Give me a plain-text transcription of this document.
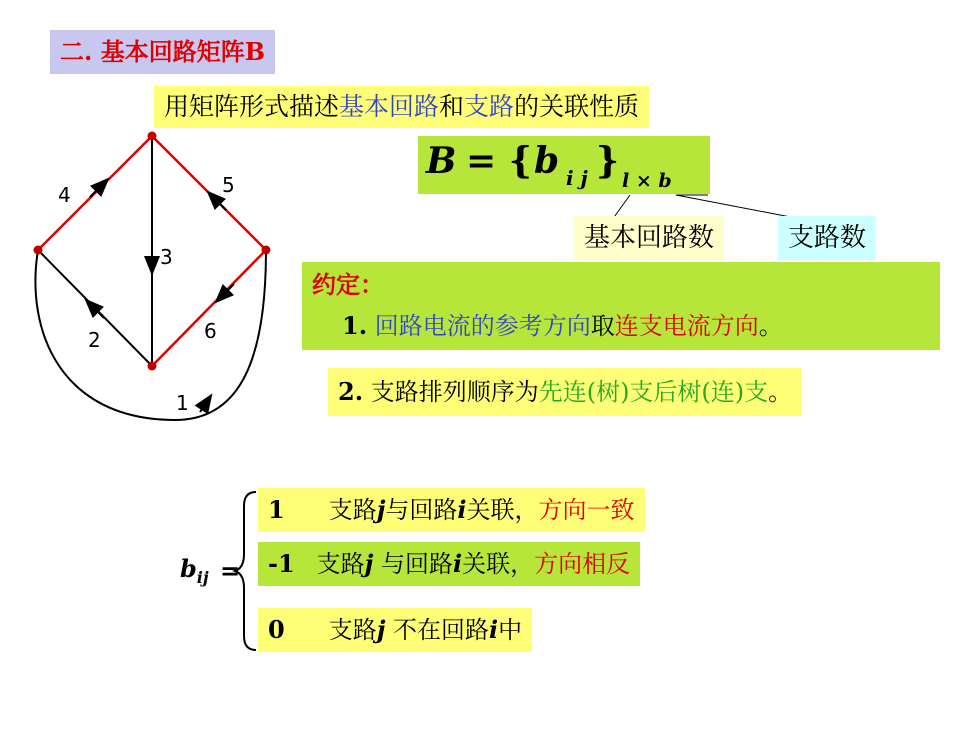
二. 基本回路矩阵B
用矩阵形式描述基本回路和支路的关联性质
B = { b i j } l × b
基本回路数	支路数
约定：
1. 回路电流的参考方向取连支电流方向。
2. 支路排列顺序为先连(树)支后树(连)支。
1
2
3
4	5
6
$b_{ij}$ =
1 支路j与回路i关联，方向一致
-1 支路j 与回路i关联，方向相反
0 支路j 不在回路i中
